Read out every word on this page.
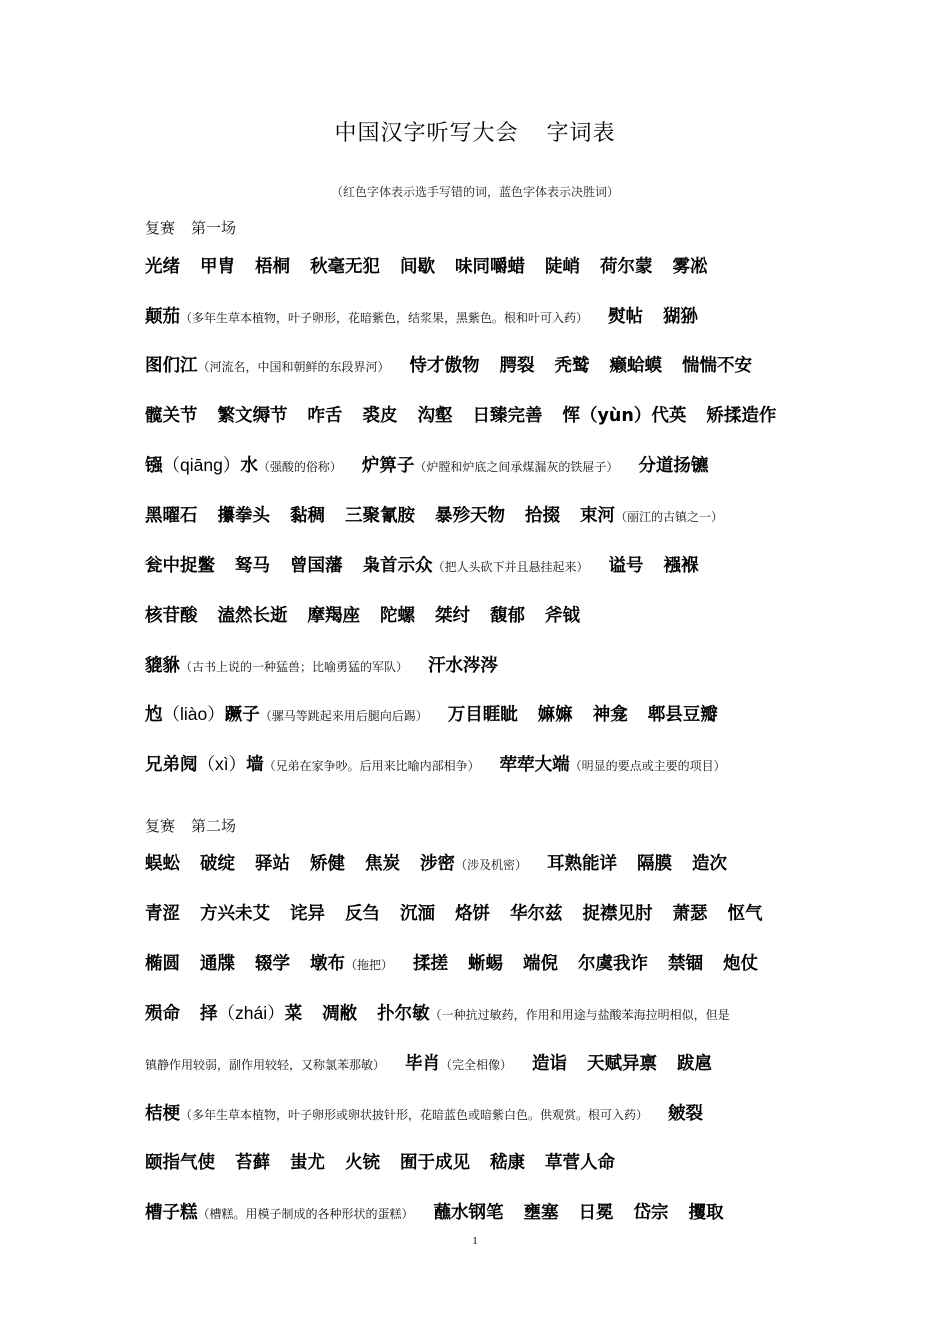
中国汉字听写大会 字词表
（红色字体表示选手写错的词，蓝色字体表示决胜词）
复赛 第一场
光绪 甲胄 梧桐 秋毫无犯 间歇 味同嚼蜡 陡峭 荷尔蒙 雾凇
颠茄（多年生草本植物，叶子卵形，花暗紫色，结浆果，黑紫色。根和叶可入药） 熨帖 猢狲
图们江（河流名，中国和朝鲜的东段界河） 恃才傲物 腭裂 秃鹫 癞蛤蟆 惴惴不安
髋关节 繁文缛节 咋舌 裘皮 沟壑 日臻完善 恽（yùn）代英 矫揉造作
镪（qiāng）水（强酸的俗称） 炉箅子（炉膛和炉底之间承煤漏灰的铁屉子） 分道扬镳
黑曜石 攥拳头 黏稠 三聚氰胺 暴殄天物 拾掇 束河（丽江的古镇之一）
瓮中捉鳖 驽马 曾国藩 枭首示众（把人头砍下并且悬挂起来） 谥号 襁褓
核苷酸 溘然长逝 摩羯座 陀螺 桀纣 馥郁 斧钺
貔貅（古书上说的一种猛兽；比喻勇猛的军队） 汗水涔涔
尥（liào）蹶子（骡马等跳起来用后腿向后踢） 万目睚眦 嫲嫲 神龛 郫县豆瓣
兄弟阋（xì）墙（兄弟在家争吵。后用来比喻内部相争） 荦荦大端（明显的要点或主要的项目）
复赛 第二场
蜈蚣 破绽 驿站 矫健 焦炭 涉密（涉及机密） 耳熟能详 隔膜 造次
青涩 方兴未艾 诧异 反刍 沉湎 烙饼 华尔兹 捉襟见肘 萧瑟 怄气
椭圆 通牒 辍学 墩布（拖把） 揉搓 蜥蜴 端倪 尔虞我诈 禁锢 炮仗
殒命 择（zhái）菜 凋敝 扑尔敏（一种抗过敏药，作用和用途与盐酸苯海拉明相似，但是
镇静作用较弱，副作用较轻，又称氯苯那敏） 毕肖（完全相像） 造诣 天赋异禀 跋扈
桔梗（多年生草本植物，叶子卵形或卵状披针形，花暗蓝色或暗紫白色。供观赏。根可入药） 皴裂
颐指气使 苔藓 蚩尤 火铳 囿于成见 嵇康 草菅人命
槽子糕（槽糕。用模子制成的各种形状的蛋糕） 蘸水钢笔 壅塞 日冕 岱宗 攫取
1
